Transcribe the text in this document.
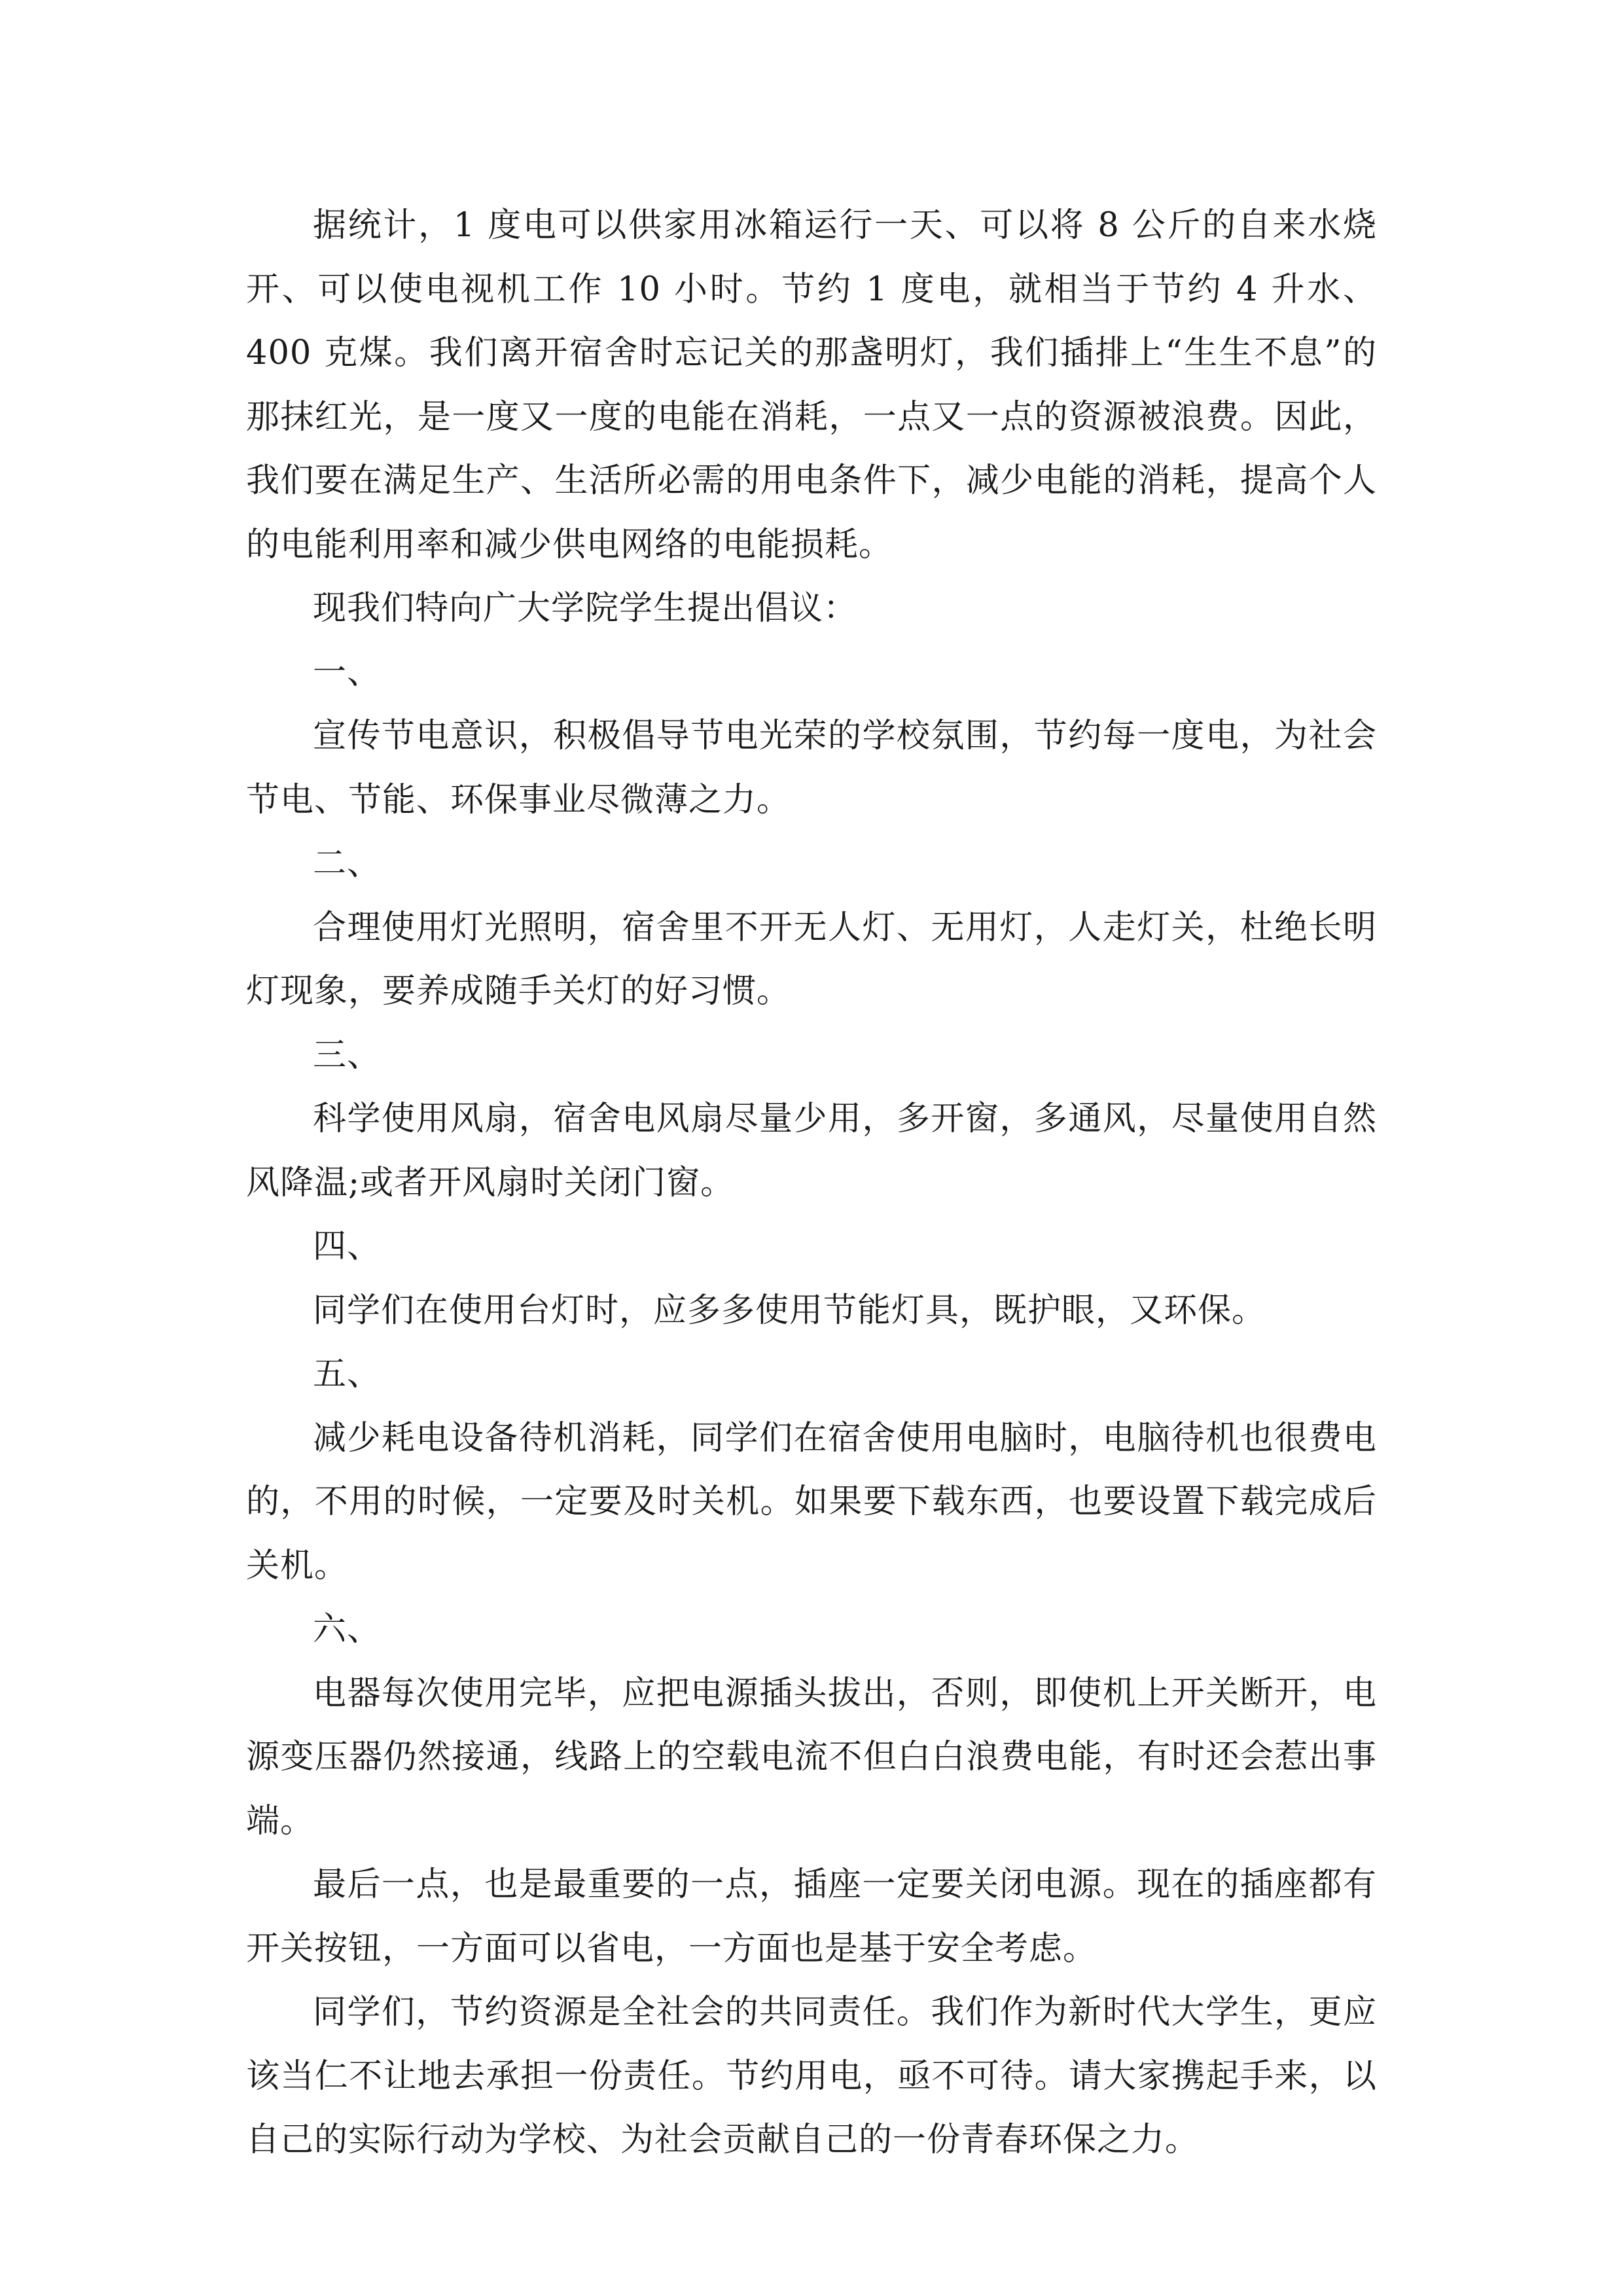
据统计，1 度电可以供家用冰箱运行一天、可以将 8 公斤的自来水烧开、可以使电视机工作 10 小时。节约 1 度电，就相当于节约 4 升水、400 克煤。我们离开宿舍时忘记关的那盏明灯，我们插排上“生生不息”的那抹红光，是一度又一度的电能在消耗，一点又一点的资源被浪费。因此，我们要在满足生产、生活所必需的用电条件下，减少电能的消耗，提高个人的电能利用率和减少供电网络的电能损耗。

现我们特向广大学院学生提出倡议：

一、

宣传节电意识，积极倡导节电光荣的学校氛围，节约每一度电，为社会节电、节能、环保事业尽微薄之力。

二、

合理使用灯光照明，宿舍里不开无人灯、无用灯，人走灯关，杜绝长明灯现象，要养成随手关灯的好习惯。

三、

科学使用风扇，宿舍电风扇尽量少用，多开窗，多通风，尽量使用自然风降温;或者开风扇时关闭门窗。

四、

同学们在使用台灯时，应多多使用节能灯具，既护眼，又环保。

五、

减少耗电设备待机消耗，同学们在宿舍使用电脑时，电脑待机也很费电的，不用的时候，一定要及时关机。如果要下载东西，也要设置下载完成后关机。

六、

电器每次使用完毕，应把电源插头拔出，否则，即使机上开关断开，电源变压器仍然接通，线路上的空载电流不但白白浪费电能，有时还会惹出事端。

最后一点，也是最重要的一点，插座一定要关闭电源。现在的插座都有开关按钮，一方面可以省电，一方面也是基于安全考虑。

同学们，节约资源是全社会的共同责任。我们作为新时代大学生，更应该当仁不让地去承担一份责任。节约用电，亟不可待。请大家携起手来，以自己的实际行动为学校、为社会贡献自己的一份青春环保之力。
